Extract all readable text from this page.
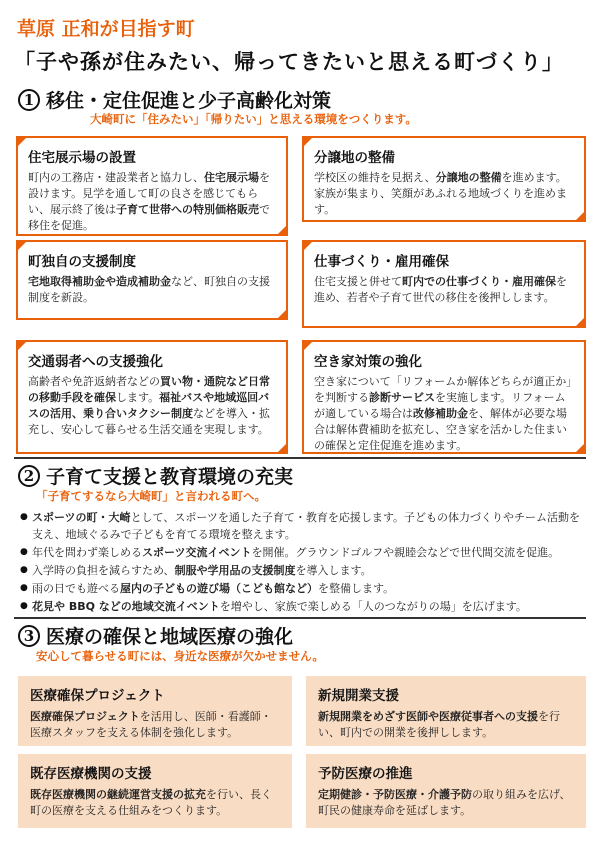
草原 正和が目指す町
「子や孫が住みたい、帰ってきたいと思える町づくり」
1 移住・定住促進と少子高齢化対策
大崎町に「住みたい」「帰りたい」と思える環境をつくります。
住宅展示場の設置

町内の工務店・建設業者と協力し、住宅展示場を設けます。見学を通して町の良さを感じてもらい、展示終了後は子育て世帯への特別価格販売で移住を促進。

分譲地の整備

学校区の維持を見据え、分譲地の整備を進めます。家族が集まり、笑顔があふれる地域づくりを進めます。

町独自の支援制度

宅地取得補助金や造成補助金など、町独自の支援制度を新設。

仕事づくり・雇用確保

住宅支援と併せて町内での仕事づくり・雇用確保を進め、若者や子育て世代の移住を後押しします。

交通弱者への支援強化

高齢者や免許返納者などの買い物・通院など日常の移動手段を確保します。福祉バスや地域巡回バスの活用、乗り合いタクシー制度などを導入・拡充し、安心して暮らせる生活交通を実現します。

空き家対策の強化

空き家について「リフォームか解体どちらが適正か」を判断する診断サービスを実施します。リフォームが適している場合は改修補助金を、解体が必要な場合は解体費補助を拡充し、空き家を活かした住まいの確保と定住促進を進めます。

2 子育て支援と教育環境の充実
「子育てするなら大崎町」と言われる町へ。
● スポーツの町・大崎として、スポーツを通した子育て・教育を応援します。子どもの体力づくりやチーム活動を支え、地域ぐるみで子どもを育てる環境を整えます。
● 年代を問わず楽しめるスポーツ交流イベントを開催。グラウンドゴルフや親睦会などで世代間交流を促進。
● 入学時の負担を減らすため、制服や学用品の支援制度を導入します。
● 雨の日でも遊べる屋内の子どもの遊び場（こども館など）を整備します。
● 花見や BBQ などの地域交流イベントを増やし、家族で楽しめる「人のつながりの場」を広げます。
3 医療の確保と地域医療の強化
安心して暮らせる町には、身近な医療が欠かせません。
医療確保プロジェクト

医療確保プロジェクトを活用し、医師・看護師・医療スタッフを支える体制を強化します。

新規開業支援

新規開業をめざす医師や医療従事者への支援を行い、町内での開業を後押しします。

既存医療機関の支援

既存医療機関の継続運営支援の拡充を行い、長く町の医療を支える仕組みをつくります。

予防医療の推進

定期健診・予防医療・介護予防の取り組みを広げ、町民の健康寿命を延ばします。
